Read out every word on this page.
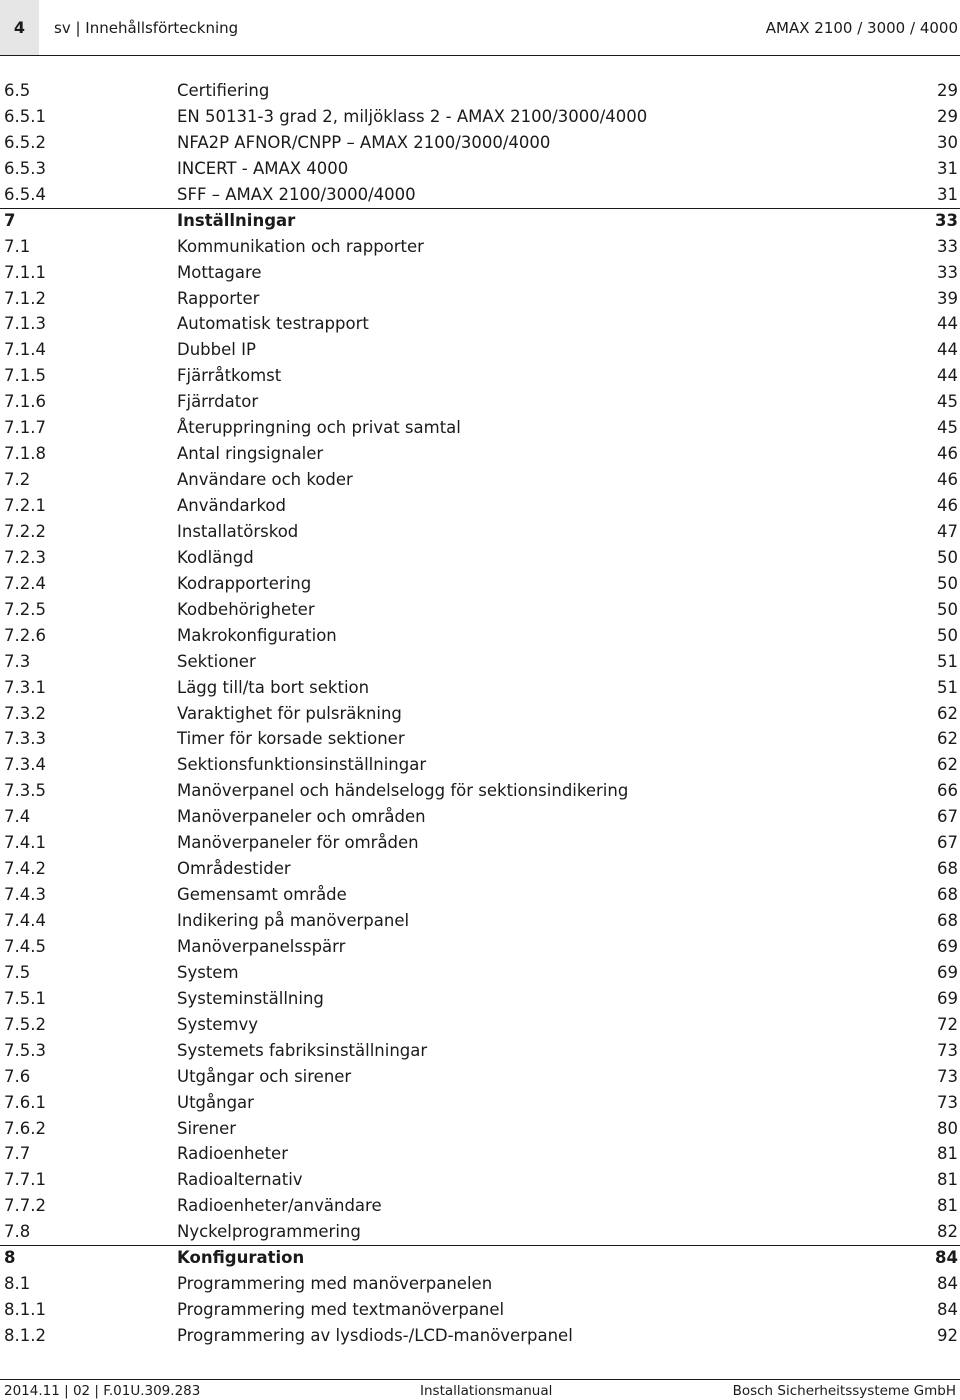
4	sv | Innehållsförteckning	AMAX 2100 / 3000 / 4000
6.5	Certifiering	29
6.5.1	EN 50131-3 grad 2, miljöklass 2 - AMAX 2100/3000/4000	29
6.5.2	NFA2P AFNOR/CNPP – AMAX 2100/3000/4000	30
6.5.3	INCERT - AMAX 4000	31
6.5.4	SFF – AMAX 2100/3000/4000	31
7	Inställningar	33
7.1	Kommunikation och rapporter	33
7.1.1	Mottagare	33
7.1.2	Rapporter	39
7.1.3	Automatisk testrapport	44
7.1.4	Dubbel IP	44
7.1.5	Fjärråtkomst	44
7.1.6	Fjärrdator	45
7.1.7	Återuppringning och privat samtal	45
7.1.8	Antal ringsignaler	46
7.2	Användare och koder	46
7.2.1	Användarkod	46
7.2.2	Installatörskod	47
7.2.3	Kodlängd	50
7.2.4	Kodrapportering	50
7.2.5	Kodbehörigheter	50
7.2.6	Makrokonfiguration	50
7.3	Sektioner	51
7.3.1	Lägg till/ta bort sektion	51
7.3.2	Varaktighet för pulsräkning	62
7.3.3	Timer för korsade sektioner	62
7.3.4	Sektionsfunktionsinställningar	62
7.3.5	Manöverpanel och händelselogg för sektionsindikering	66
7.4	Manöverpaneler och områden	67
7.4.1	Manöverpaneler för områden	67
7.4.2	Områdestider	68
7.4.3	Gemensamt område	68
7.4.4	Indikering på manöverpanel	68
7.4.5	Manöverpanelsspärr	69
7.5	System	69
7.5.1	Systeminställning	69
7.5.2	Systemvy	72
7.5.3	Systemets fabriksinställningar	73
7.6	Utgångar och sirener	73
7.6.1	Utgångar	73
7.6.2	Sirener	80
7.7	Radioenheter	81
7.7.1	Radioalternativ	81
7.7.2	Radioenheter/användare	81
7.8	Nyckelprogrammering	82
8	Konfiguration	84
8.1	Programmering med manöverpanelen	84
8.1.1	Programmering med textmanöverpanel	84
8.1.2	Programmering av lysdiods-/LCD-manöverpanel	92
2014.11 | 02 | F.01U.309.283	Installationsmanual	Bosch Sicherheitssysteme GmbH
